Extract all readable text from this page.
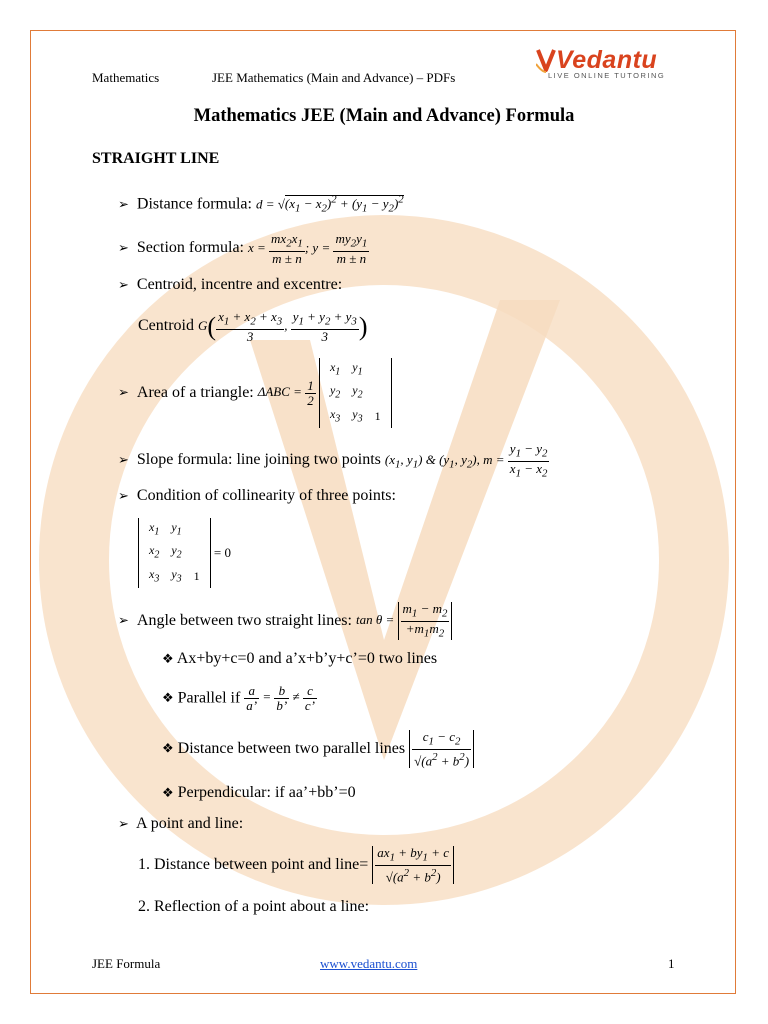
Mathematics	JEE Mathematics (Main and Advance) – PDFs
Vedantu
LIVE ONLINE TUTORING
Mathematics JEE (Main and Advance) Formula
STRAIGHT LINE
➢ Distance formula: $d = √(x_1 - x_2)^2 + (y_1 - y_2)^2$
➢ Section formula: $x = \frac{mx_2x_1}{m \pm n}$ ; $y = \frac{my_2y_1}{m \pm n}$
➢ Centroid, incentre and excentre:
Centroid $G( \frac{x_1 + x_2 + x_3}{3}$ , $\frac{y_1 + y_2 + y_3}{3}$ )
➢ Area of a triangle: $\Delta ABC = \frac{1}{2}$

$x_1$	$y_1$	
$y_2$	$y_2$	
$x_3$	$y_3$	1
➢ Slope formula: line joining two points ($x_1$, $y_1$) & ($y_1$, $y_2$), $m = \frac{y_1 - y_2}{x_1 - x_2}$
➢ Condition of collinearity of three points:
$x_1$	$y_1$	
$x_2$	$y_2$	
$x_3$	$y_3$	1
= 0
➢ Angle between two straight lines: $\tan \theta = \frac{m_1 - m_2}{+m_1m_2}$
❖ Ax+by+c=0 and a’x+b’y+c’=0 two lines
❖ Parallel if $\frac{a}{a’} = \frac{b}{b’} \ne \frac{c}{c’}$
❖ Distance between two parallel lines $\frac{c_1 - c_2}{√(a^2 + b^2)}$
❖ Perpendicular: if aa’+bb’=0
➢ A point and line:
1. Distance between point and line= $\frac{ax_1 + by_1 + c}{√(a^2 + b^2)}$
2. Reflection of a point about a line:
JEE Formula	www.vedantu.com	1
